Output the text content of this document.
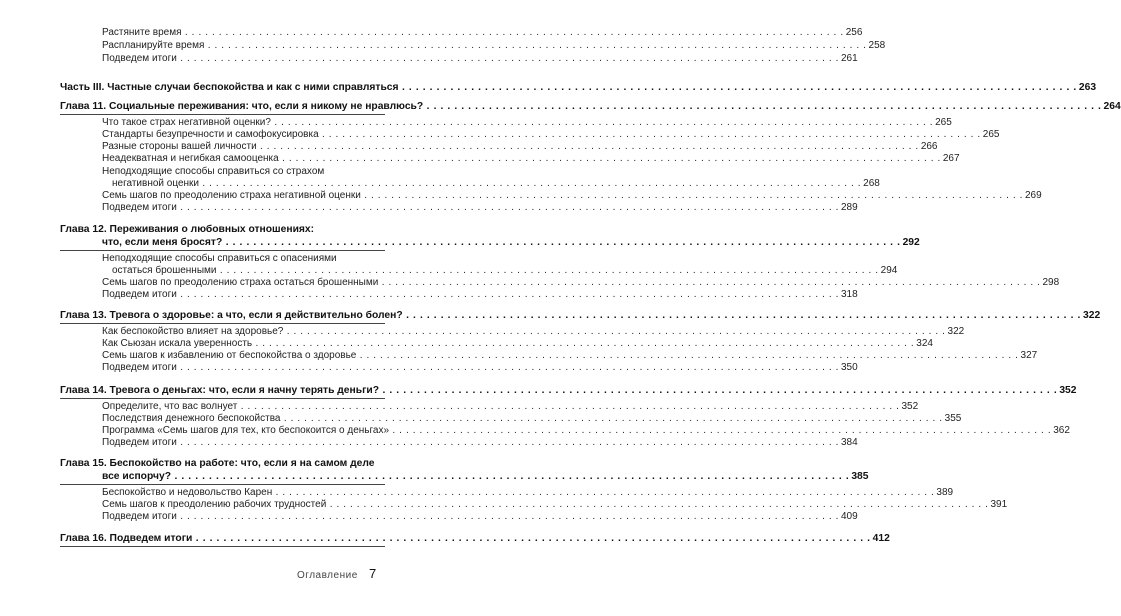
Растяните время . . .	256
Распланируйте время . . .	258
Подведем итоги . . .	261
Часть III. Частные случаи беспокойства и как с ними справляться . . .	263
Глава 11. Социальные переживания: что, если я никому не нравлюсь? . . .	264
Что такое страх негативной оценки? . . .	265
Стандарты безупречности и самофокусировка . . .	265
Разные стороны вашей личности . . .	266
Неадекватная и негибкая самооценка . . .	267
Неподходящие способы справиться со страхом
негативной оценки . . .	268
Семь шагов по преодолению страха негативной оценки . . .	269
Подведем итоги . . .	289
Глава 12. Переживания о любовных отношениях:
что, если меня бросят? . . .	292
Неподходящие способы справиться с опасениями
остаться брошенными . . .	294
Семь шагов по преодолению страха остаться брошенными . . .	298
Подведем итоги . . .	318
Глава 13. Тревога о здоровье: а что, если я действительно болен? . . .	322
Как беспокойство влияет на здоровье? . . .	322
Как Сьюзан искала уверенность . . .	324
Семь шагов к избавлению от беспокойства о здоровье . . .	327
Подведем итоги . . .	350
Глава 14. Тревога о деньгах: что, если я начну терять деньги? . . .	352
Определите, что вас волнует . . .	352
Последствия денежного беспокойства . . .	355
Программа «Семь шагов для тех, кто беспокоится о деньгах» . . .	362
Подведем итоги . . .	384
Глава 15. Беспокойство на работе: что, если я на самом деле
все испорчу? . . .	385
Беспокойство и недовольство Карен . . .	389
Семь шагов к преодолению рабочих трудностей . . .	391
Подведем итоги . . .	409
Глава 16. Подведем итоги . . .	412
Оглавление 7
